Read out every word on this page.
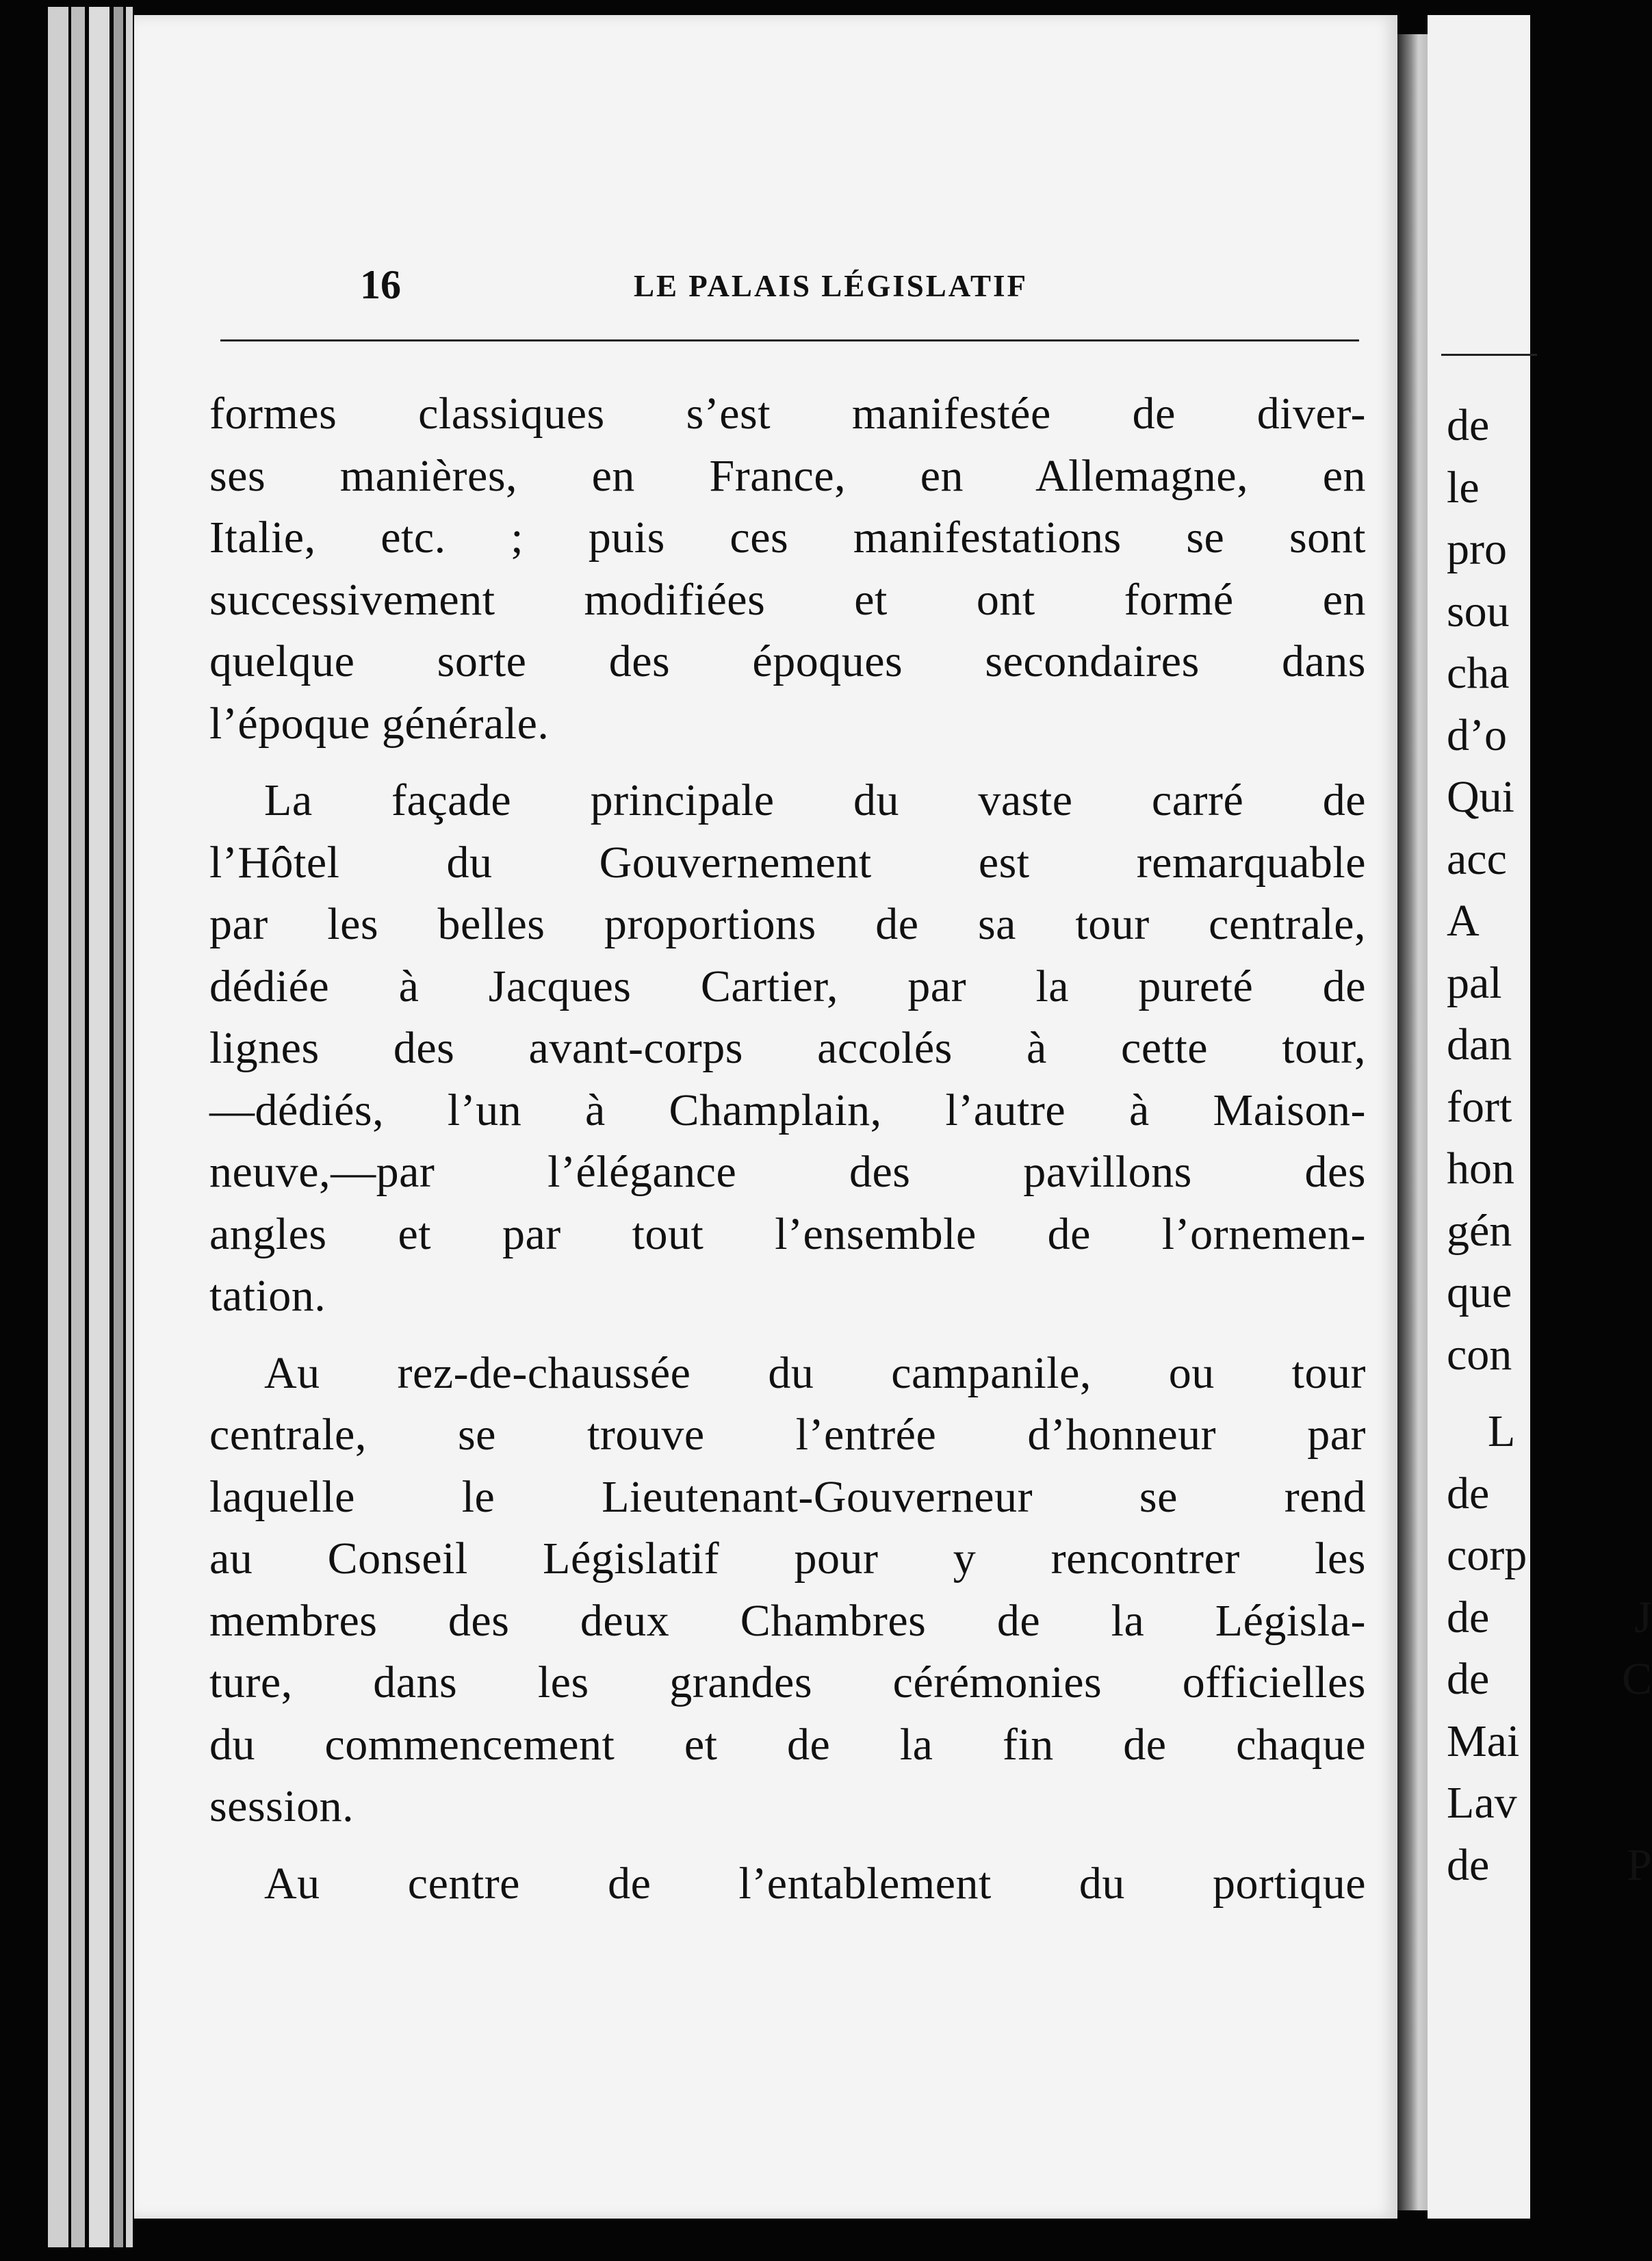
16	LE PALAIS LÉGISLATIF

formes classiques s’est manifestée de diver-
ses manières, en France, en Allemagne, en
Italie, etc. ; puis ces manifestations se sont
successivement modifiées et ont formé en
quelque sorte des époques secondaires dans
l’époque générale.

La façade principale du vaste carré de
l’Hôtel du Gouvernement est remarquable
par les belles proportions de sa tour centrale,
dédiée à Jacques Cartier, par la pureté de
lignes des avant-corps accolés à cette tour,
—dédiés, l’un à Champlain, l’autre à Maison-
neuve,—par l’élégance des pavillons des
angles et par tout l’ensemble de l’ornemen-
tation.

Au rez-de-chaussée du campanile, ou tour
centrale, se trouve l’entrée d’honneur par
laquelle le Lieutenant-Gouverneur se rend
au Conseil Législatif pour y rencontrer les
membres des deux Chambres de la Législa-
ture, dans les grandes cérémonies officielles
du commencement et de la fin de chaque
session.

Au centre de l’entablement du portique

de
le
pro
sou
cha
d’o
Qui
acc
A
pal
dan
fort
hon
gén
que
con
L
de
corp
de J
de C
Mai
Lav
de P
